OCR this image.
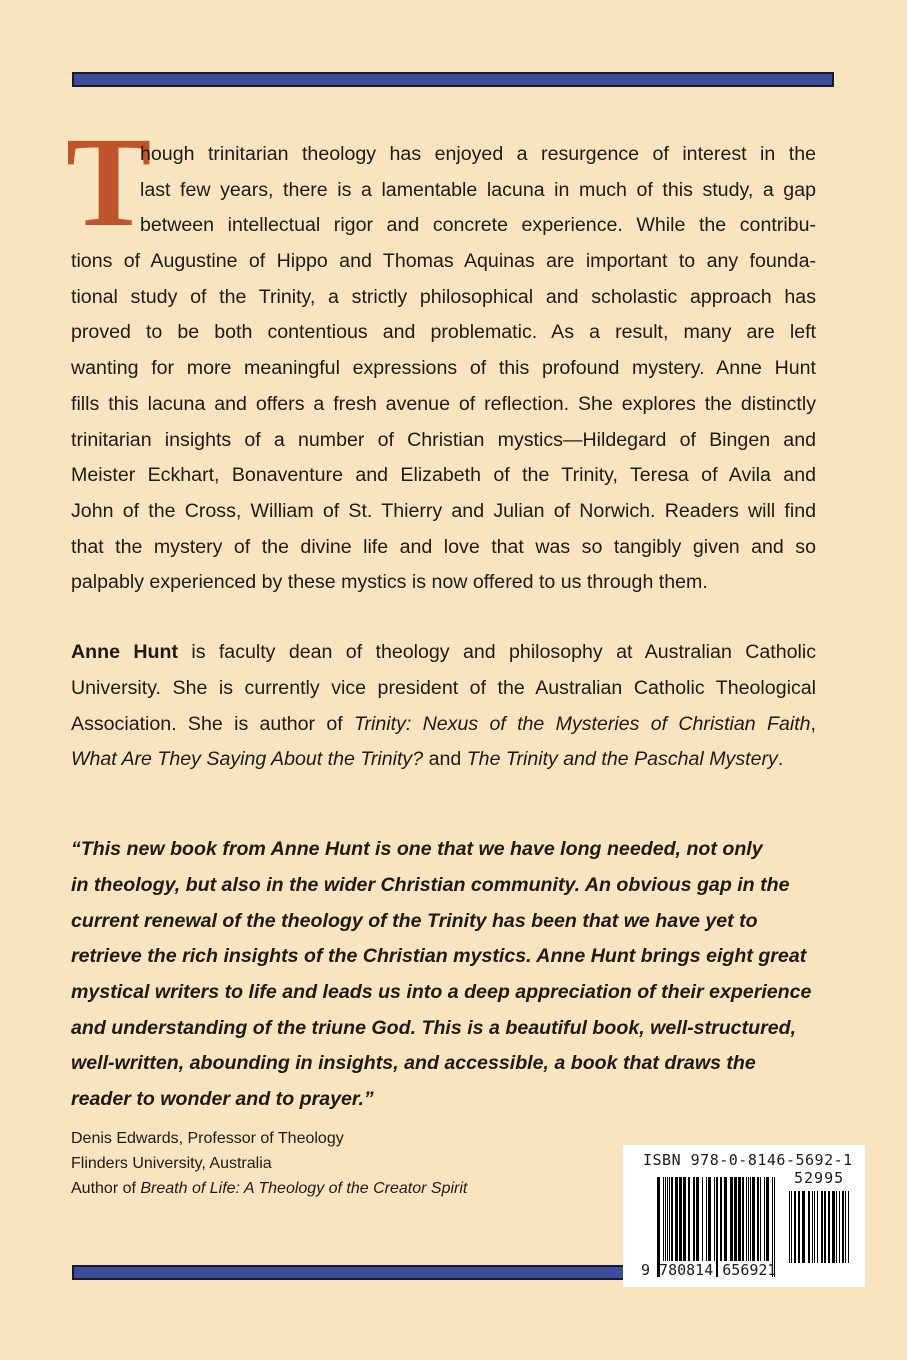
T
hough trinitarian theology has enjoyed a resurgence of interest in the
last few years, there is a lamentable lacuna in much of this study, a gap
between intellectual rigor and concrete experience. While the contribu-
tions of Augustine of Hippo and Thomas Aquinas are important to any founda-
tional study of the Trinity, a strictly philosophical and scholastic approach has
proved to be both contentious and problematic. As a result, many are left
wanting for more meaningful expressions of this profound mystery. Anne Hunt
fills this lacuna and offers a fresh avenue of reflection. She explores the distinctly
trinitarian insights of a number of Christian mystics—Hildegard of Bingen and
Meister Eckhart, Bonaventure and Elizabeth of the Trinity, Teresa of Avila and
John of the Cross, William of St. Thierry and Julian of Norwich. Readers will find
that the mystery of the divine life and love that was so tangibly given and so
palpably experienced by these mystics is now offered to us through them.
Anne Hunt is faculty dean of theology and philosophy at Australian Catholic
University. She is currently vice president of the Australian Catholic Theological
Association. She is author of Trinity: Nexus of the Mysteries of Christian Faith,
What Are They Saying About the Trinity? and The Trinity and the Paschal Mystery.
“This new book from Anne Hunt is one that we have long needed, not only
in theology, but also in the wider Christian community. An obvious gap in the
current renewal of the theology of the Trinity has been that we have yet to
retrieve the rich insights of the Christian mystics. Anne Hunt brings eight great
mystical writers to life and leads us into a deep appreciation of their experience
and understanding of the triune God. This is a beautiful book, well-structured,
well-written, abounding in insights, and accessible, a book that draws the
reader to wonder and to prayer.”
Denis Edwards, Professor of Theology
Flinders University, Australia
Author of Breath of Life: A Theology of the Creator Spirit
ISBN 978-0-8146-5692-1
52995
9 780814 656921
